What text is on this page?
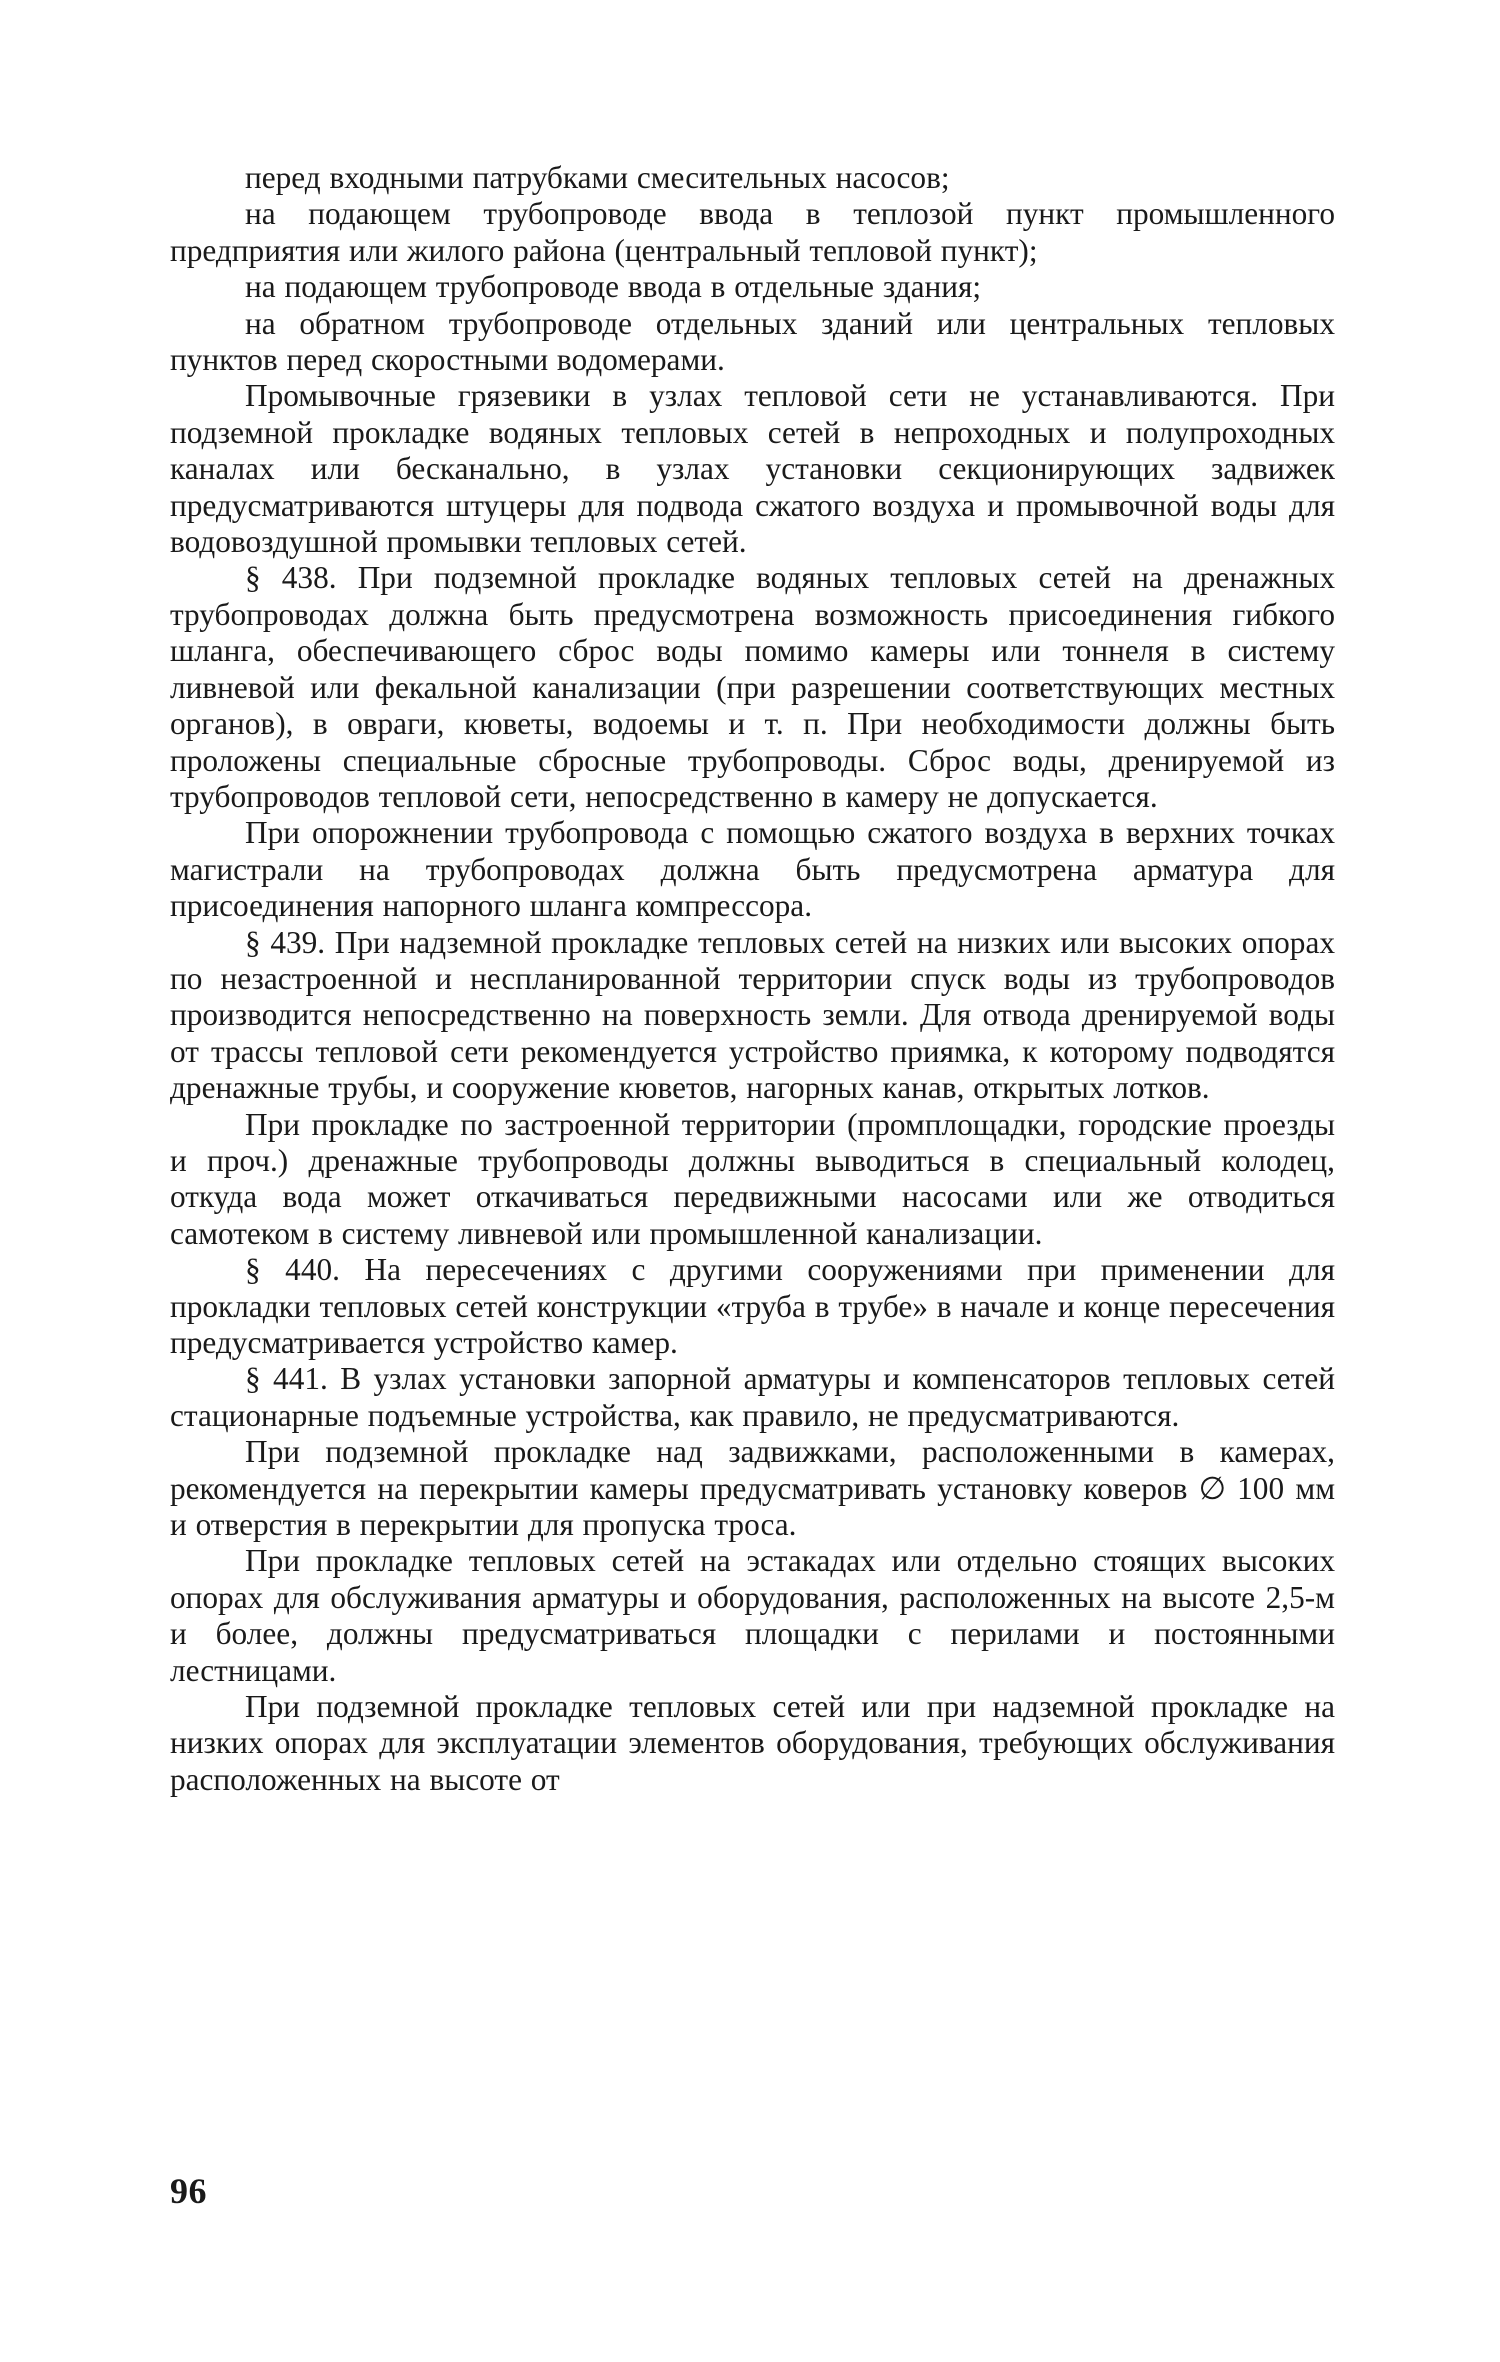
перед входными патрубками смесительных насосов;

на подающем трубопроводе ввода в теплозой пункт промышленного предприятия или жилого района (центральный тепловой пункт);

на подающем трубопроводе ввода в отдельные здания;

на обратном трубопроводе отдельных зданий или центральных тепловых пунктов перед скоростными водомерами.

Промывочные грязевики в узлах тепловой сети не устанавливаются. При подземной прокладке водяных тепловых сетей в непроходных и полупроходных каналах или бесканально, в узлах установки секционирующих задвижек предусматриваются штуцеры для подвода сжатого воздуха и промывочной воды для водовоздушной промывки тепловых сетей.

§ 438. При подземной прокладке водяных тепловых сетей на дренажных трубопроводах должна быть предусмотрена возможность присоединения гибкого шланга, обеспечивающего сброс воды помимо камеры или тоннеля в систему ливневой или фекальной канализации (при разрешении соответствующих местных органов), в овраги, кюветы, водоемы и т. п. При необходимости должны быть проложены специальные сбросные трубопроводы. Сброс воды, дренируемой из трубопроводов тепловой сети, непосредственно в камеру не допускается.

При опорожнении трубопровода с помощью сжатого воздуха в верхних точках магистрали на трубопроводах должна быть предусмотрена арматура для присоединения напорного шланга компрессора.

§ 439. При надземной прокладке тепловых сетей на низких или высоких опорах по незастроенной и неспланированной территории спуск воды из трубопроводов производится непосредственно на поверхность земли. Для отвода дренируемой воды от трассы тепловой сети рекомендуется устройство приямка, к которому подводятся дренажные трубы, и сооружение кюветов, нагорных канав, открытых лотков.

При прокладке по застроенной территории (промплощадки, городские проезды и проч.) дренажные трубопроводы должны выводиться в специальный колодец, откуда вода может откачиваться передвижными насосами или же отводиться самотеком в систему ливневой или промышленной канализации.

§ 440. На пересечениях с другими сооружениями при применении для прокладки тепловых сетей конструкции «труба в трубе» в начале и конце пересечения предусматривается устройство камер.

§ 441. В узлах установки запорной арматуры и компенсаторов тепловых сетей стационарные подъемные устройства, как правило, не предусматриваются.

При подземной прокладке над задвижками, расположенными в камерах, рекомендуется на перекрытии камеры предусматривать установку коверов ∅ 100 мм и отверстия в перекрытии для пропуска троса.

При прокладке тепловых сетей на эстакадах или отдельно стоящих высоких опорах для обслуживания арматуры и оборудования, расположенных на высоте 2,5-м и более, должны предусматриваться площадки с перилами и постоянными лестницами.

При подземной прокладке тепловых сетей или при надземной прокладке на низких опорах для эксплуатации элементов оборудования, требующих обслуживания расположенных на высоте от

96
